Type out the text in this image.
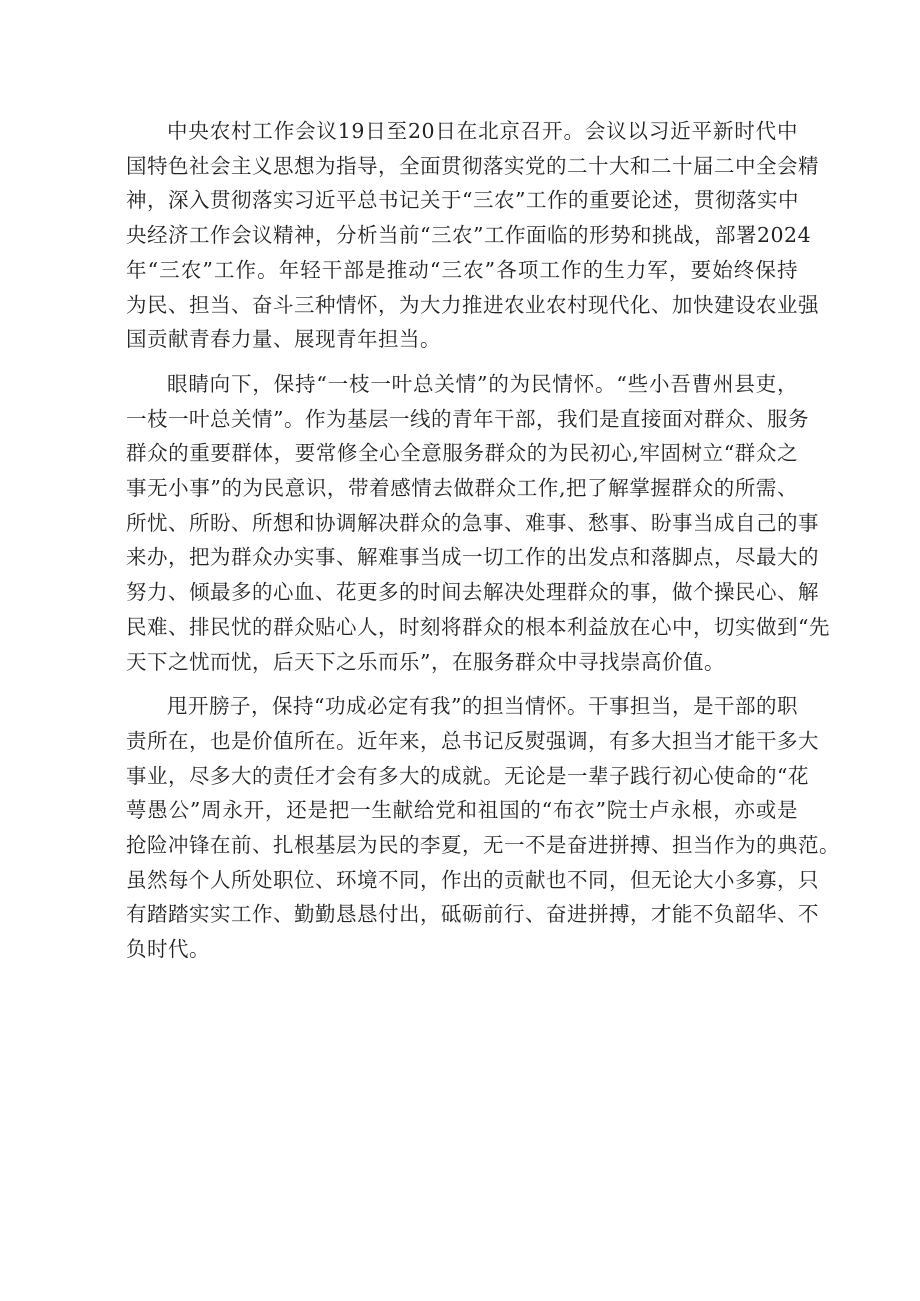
中央农村工作会议19日至20日在北京召开。会议以习近平新时代中
国特色社会主义思想为指导，全面贯彻落实党的二十大和二十届二中全会精
神，深入贯彻落实习近平总书记关于“三农”工作的重要论述，贯彻落实中
央经济工作会议精神，分析当前“三农”工作面临的形势和挑战，部署2024
年“三农”工作。年轻干部是推动“三农”各项工作的生力军，要始终保持
为民、担当、奋斗三种情怀，为大力推进农业农村现代化、加快建设农业强
国贡献青春力量、展现青年担当。
眼睛向下，保持“一枝一叶总关情”的为民情怀。“些小吾曹州县吏，
一枝一叶总关情”。作为基层一线的青年干部，我们是直接面对群众、服务
群众的重要群体，要常修全心全意服务群众的为民初心,牢固树立“群众之
事无小事”的为民意识，带着感情去做群众工作,把了解掌握群众的所需、
所忧、所盼、所想和协调解决群众的急事、难事、愁事、盼事当成自己的事
来办，把为群众办实事、解难事当成一切工作的出发点和落脚点，尽最大的
努力、倾最多的心血、花更多的时间去解决处理群众的事，做个操民心、解
民难、排民忧的群众贴心人，时刻将群众的根本利益放在心中，切实做到“先
天下之忧而忧，后天下之乐而乐”，在服务群众中寻找崇高价值。
甩开膀子，保持“功成必定有我”的担当情怀。干事担当，是干部的职
责所在，也是价值所在。近年来，总书记反熨强调，有多大担当才能干多大
事业，尽多大的责任才会有多大的成就。无论是一辈子践行初心使命的“花
萼愚公”周永开，还是把一生献给党和祖国的“布衣”院士卢永根，亦或是
抢险冲锋在前、扎根基层为民的李夏，无一不是奋进拼搏、担当作为的典范。
虽然每个人所处职位、环境不同，作出的贡献也不同，但无论大小多寡，只
有踏踏实实工作、勤勤恳恳付出，砥砺前行、奋进拼搏，才能不负韶华、不
负时代。
